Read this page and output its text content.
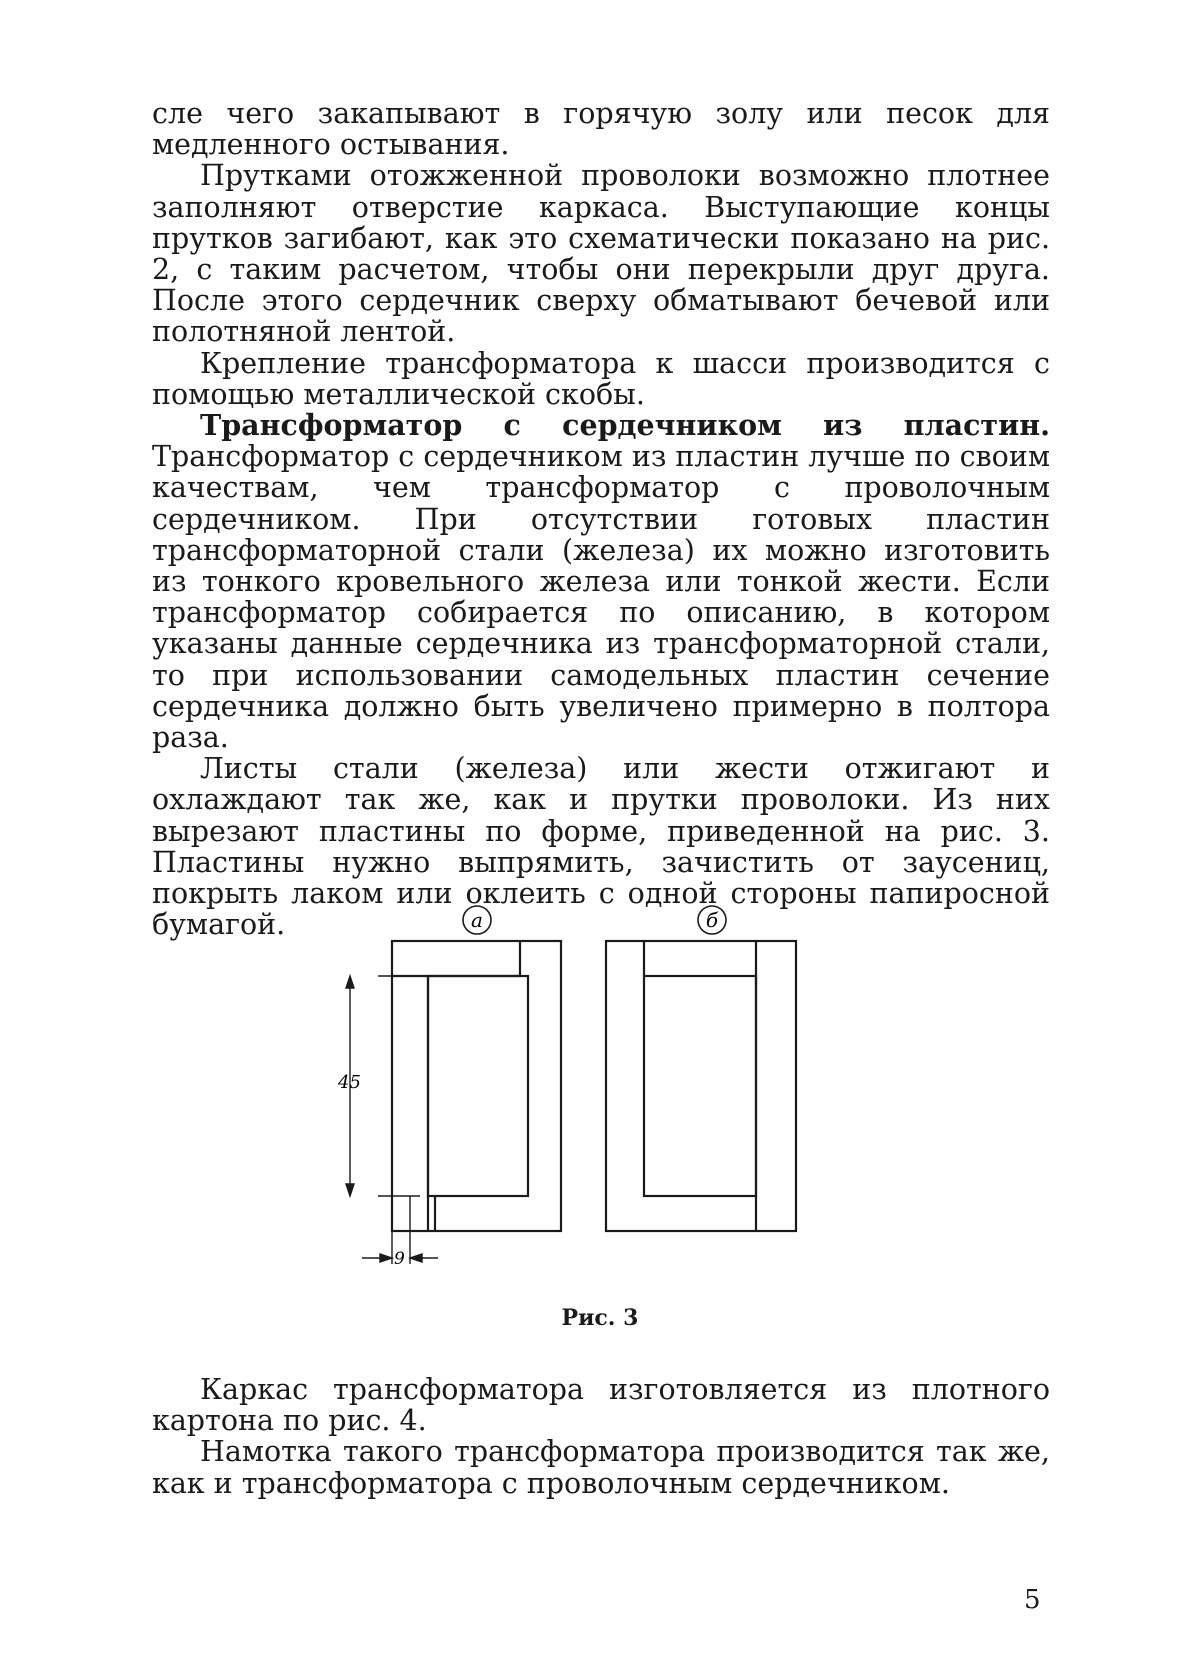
сле чего закапывают в горячую золу или песок для медленного остывания.

Прутками отожженной проволоки возможно плотнее заполняют отверстие каркаса. Выступающие концы прутков загибают, как это схематически показано на рис. 2, с таким расчетом, чтобы они перекрыли друг друга. После этого сердечник сверху обматывают бечевой или полотняной лентой.

Крепление трансформатора к шасси производится с помощью металлической скобы.

Трансформатор с сердечником из пластин. Трансформатор с сердечником из пластин лучше по своим качествам, чем трансформатор с проволочным сердечником. При отсутствии готовых пластин трансформаторной стали (железа) их можно изготовить из тонкого кровельного железа или тонкой жести. Если трансформатор собирается по описанию, в котором указаны данные сердечника из трансформаторной стали, то при использовании самодельных пластин сечение сердечника должно быть увеличено примерно в полтора раза.

Листы стали (железа) или жести отжигают и охлаждают так же, как и прутки проволоки. Из них вырезают пластины по форме, приведенной на рис. 3. Пластины нужно выпрямить, зачистить от заусениц, покрыть лаком или оклеить с одной стороны папиросной бумагой.	а
45
9
б
Рис. 3

Каркас трансформатора изготовляется из плотного картона по рис. 4.

Намотка такого трансформатора производится так же, как и трансформатора с проволочным сердечником.

5
